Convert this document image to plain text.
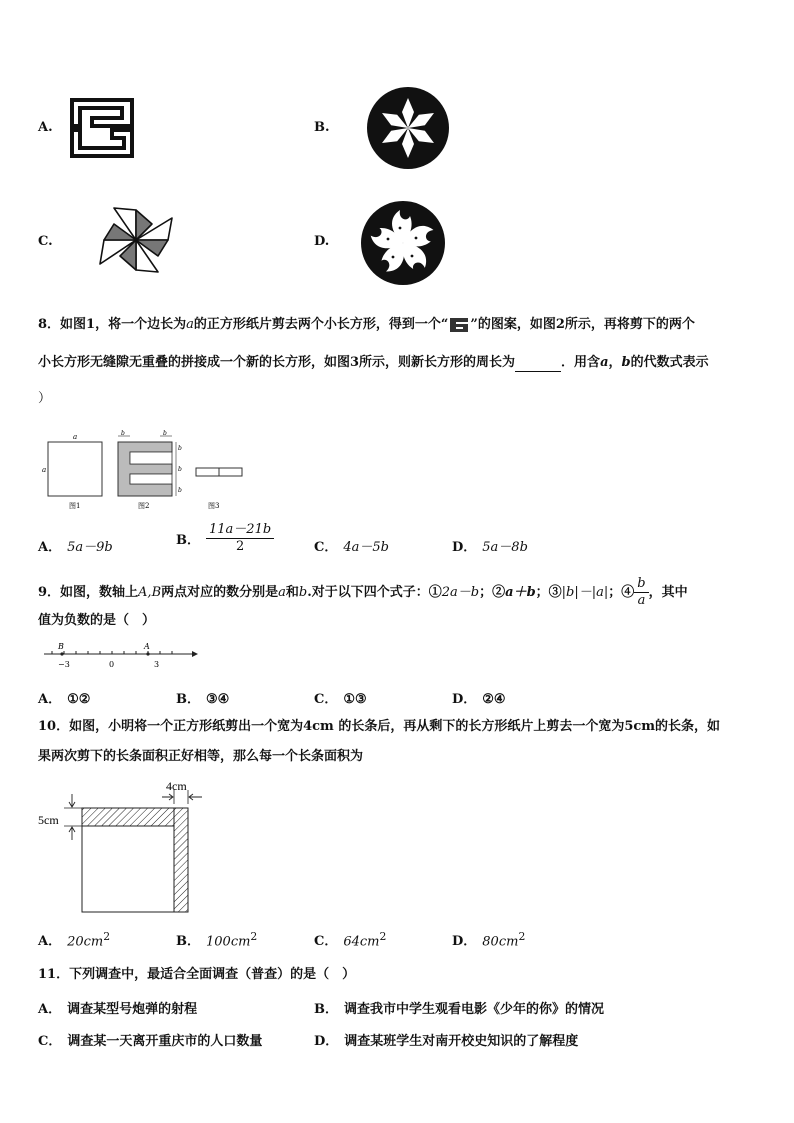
A.	B.
C.	D.
8．如图1，将一个边长为a的正方形纸片剪去两个小长方形，得到一个“ ”的图案，如图2所示，再将剪下的两个
小长方形无缝隙无重叠的拼接成一个新的长方形，如图3所示，则新长方形的周长为	．用含a，b的代数式表示
）
a
a
图1
b	b
b
b
b
图2	图3
A． 5a－9b	B． $\frac{11a-21b}{2}$	C． 4a－5b	D． 5a－8b
9．如图，数轴上A,B两点对应的数分别是a和b.对于以下四个式子：①2a－b；②a＋b；③|b|－|a|；④ $\frac{b}{a}$ ，其中
值为负数的是（　）
B	A
−3	0	3
A． ①②	B． ③④	C． ①③	D． ②④
10．如图，小明将一个正方形纸剪出一个宽为4cm 的长条后，再从剩下的长方形纸片上剪去一个宽为5cm的长条，如
果两次剪下的长条面积正好相等，那么每一个长条面积为
4cm
5cm
A． $20cm^2$	B． $100cm^2$	C． $64cm^2$	D． $80cm^2$
11．下列调查中，最适合全面调查（普查）的是（　）
A． 调查某型号炮弹的射程	B． 调查我市中学生观看电影《少年的你》的情况
C． 调查某一天离开重庆市的人口数量	D． 调查某班学生对南开校史知识的了解程度
